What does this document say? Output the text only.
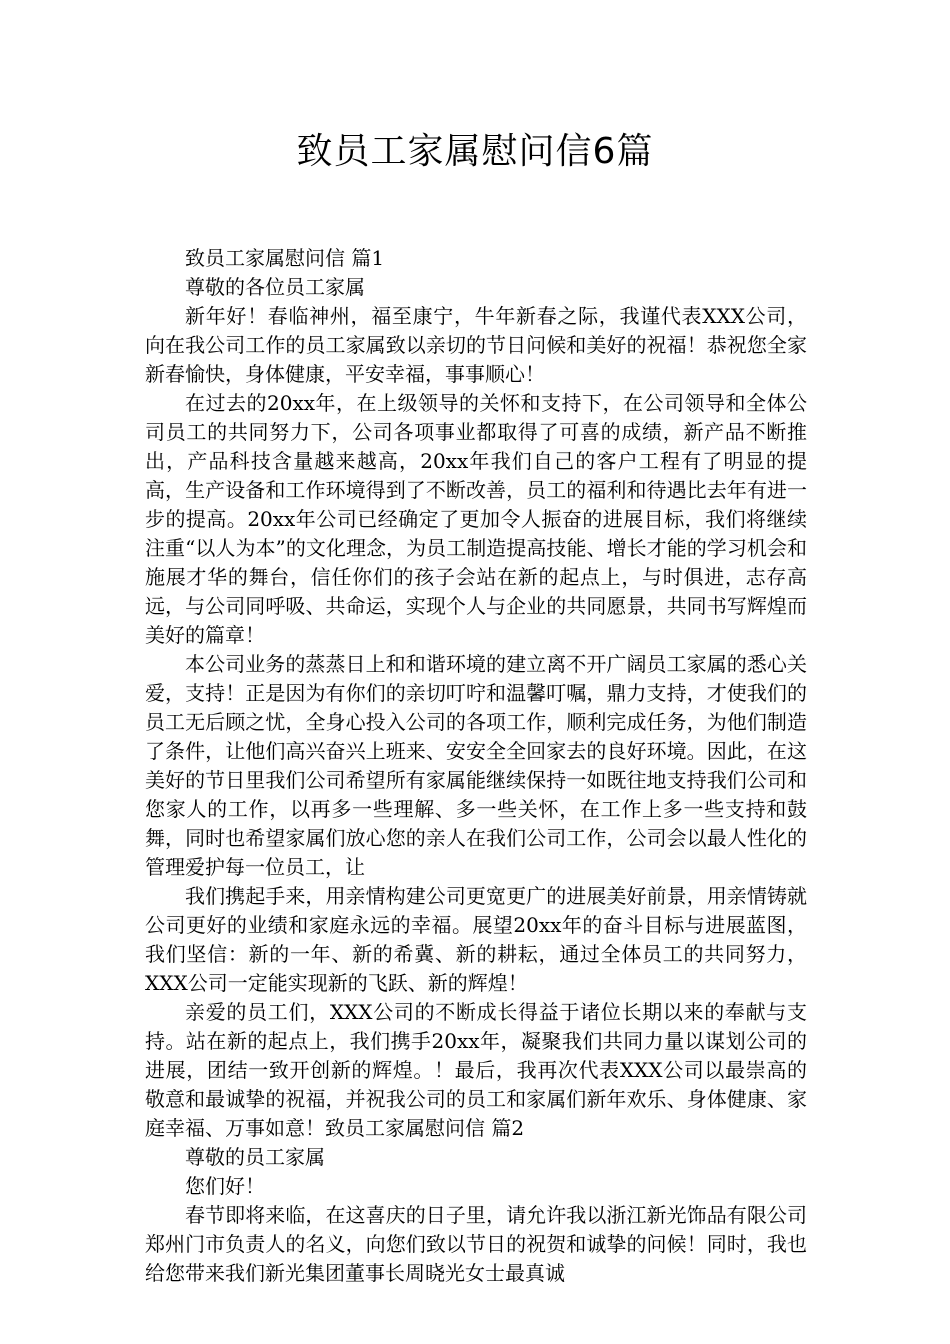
致员工家属慰问信6篇

致员工家属慰问信 篇1

尊敬的各位员工家属

新年好！春临神州，福至康宁，牛年新春之际，我谨代表XXX公司，向在我公司工作的员工家属致以亲切的节日问候和美好的祝福！恭祝您全家新春愉快，身体健康，平安幸福，事事顺心！

在过去的20xx年，在上级领导的关怀和支持下，在公司领导和全体公司员工的共同努力下，公司各项事业都取得了可喜的成绩，新产品不断推出，产品科技含量越来越高，20xx年我们自己的客户工程有了明显的提高，生产设备和工作环境得到了不断改善，员工的福利和待遇比去年有进一步的提高。20xx年公司已经确定了更加令人振奋的进展目标，我们将继续注重“以人为本”的文化理念，为员工制造提高技能、增长才能的学习机会和施展才华的舞台，信任你们的孩子会站在新的起点上，与时俱进，志存高远，与公司同呼吸、共命运，实现个人与企业的共同愿景，共同书写辉煌而美好的篇章！

本公司业务的蒸蒸日上和和谐环境的建立离不开广阔员工家属的悉心关爱，支持！正是因为有你们的亲切叮咛和温馨叮嘱，鼎力支持，才使我们的员工无后顾之忧，全身心投入公司的各项工作，顺利完成任务，为他们制造了条件，让他们高兴奋兴上班来、安安全全回家去的良好环境。因此，在这美好的节日里我们公司希望所有家属能继续保持一如既往地支持我们公司和您家人的工作，以再多一些理解、多一些关怀，在工作上多一些支持和鼓舞，同时也希望家属们放心您的亲人在我们公司工作，公司会以最人性化的管理爱护每一位员工，让

我们携起手来，用亲情构建公司更宽更广的进展美好前景，用亲情铸就公司更好的业绩和家庭永远的幸福。展望20xx年的奋斗目标与进展蓝图，我们坚信：新的一年、新的希冀、新的耕耘，通过全体员工的共同努力，XXX公司一定能实现新的飞跃、新的辉煌！

亲爱的员工们，XXX公司的不断成长得益于诸位长期以来的奉献与支持。站在新的起点上，我们携手20xx年，凝聚我们共同力量以谋划公司的进展，团结一致开创新的辉煌。！最后，我再次代表XXX公司以最崇高的敬意和最诚挚的祝福，并祝我公司的员工和家属们新年欢乐、身体健康、家庭幸福、万事如意！致员工家属慰问信 篇2

尊敬的员工家属

您们好！

春节即将来临，在这喜庆的日子里，请允许我以浙江新光饰品有限公司郑州门市负责人的名义，向您们致以节日的祝贺和诚挚的问候！同时，我也给您带来我们新光集团董事长周晓光女士最真诚
